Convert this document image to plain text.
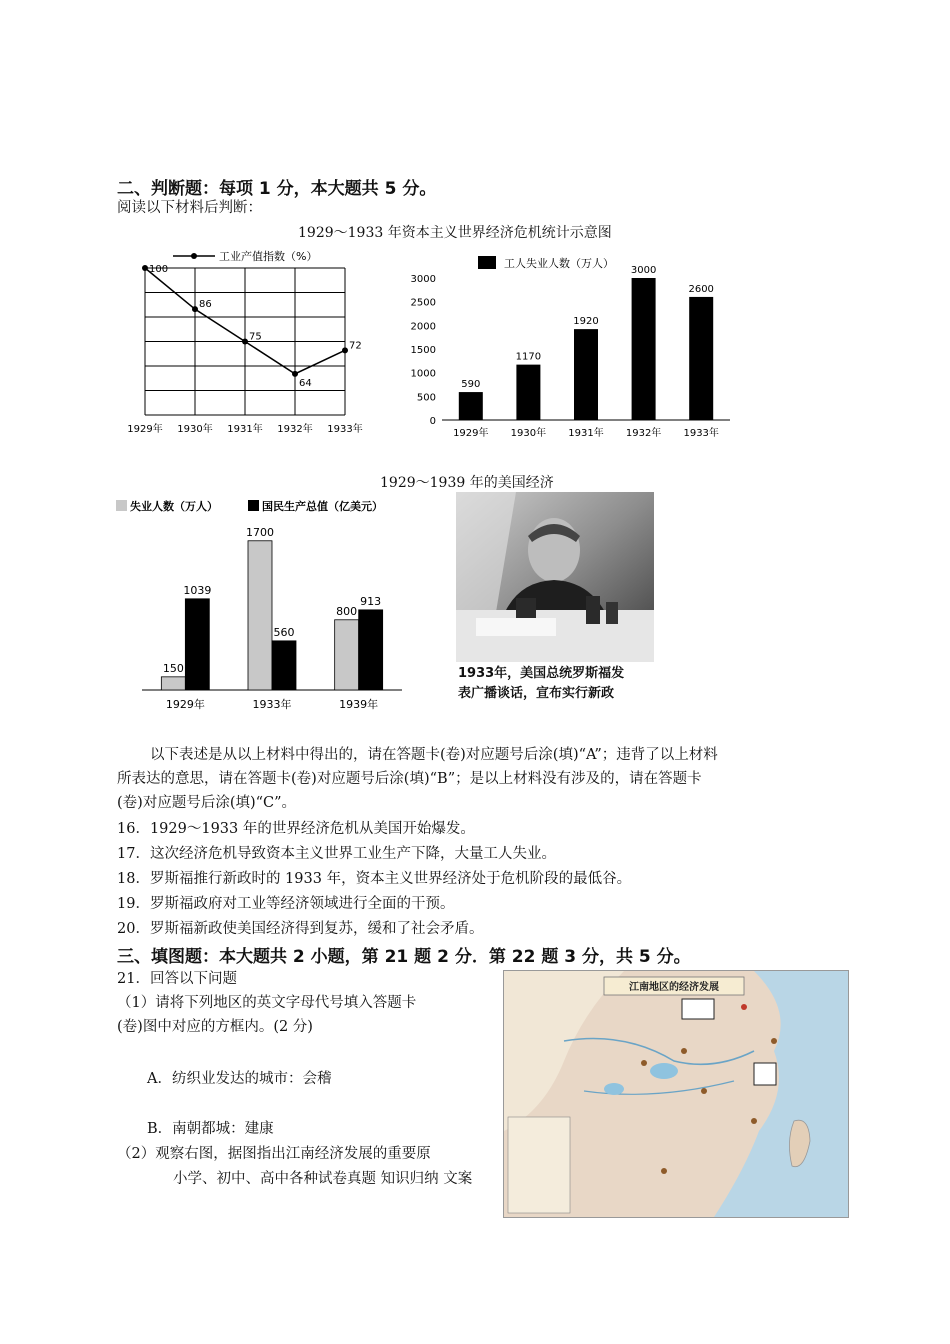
二、判断题：每项 1 分，本大题共 5 分。
阅读以下材料后判断：
1929～1933 年资本主义世界经济危机统计示意图
工业产值指数（%）
100
1929年
86
1930年
75
1931年
64
1932年
72
1933年
0
500
1000
1500
2000
2500
3000
工人失业人数（万人）
590
1929年
1170
1930年
1920
1931年
3000
1932年
2600
1933年
1929～1939 年的美国经济
失业人数（万人）	国民生产总值（亿美元）
150
1039
1929年
1700
560
1933年
800
913
1939年
1933年，美国总统罗斯福发
表广播谈话，宣布实行新政
以下表述是从以上材料中得出的，请在答题卡(卷)对应题号后涂(填)“A”；违背了以上材料
所表达的意思，请在答题卡(卷)对应题号后涂(填)“B”；是以上材料没有涉及的，请在答题卡
(卷)对应题号后涂(填)“C”。
16．1929～1933 年的世界经济危机从美国开始爆发。
17．这次经济危机导致资本主义世界工业生产下降，大量工人失业。
18．罗斯福推行新政时的 1933 年，资本主义世界经济处于危机阶段的最低谷。
19．罗斯福政府对工业等经济领域进行全面的干预。
20．罗斯福新政使美国经济得到复苏，缓和了社会矛盾。
三、填图题：本大题共 2 小题，第 21 题 2 分．第 22 题 3 分，共 5 分。
21．回答以下问题
（1）请将下列地区的英文字母代号填入答题卡
(卷)图中对应的方框内。(2 分)
A．纺织业发达的城市：会稽
B．南朝都城：建康
（2）观察右图，据图指出江南经济发展的重要原
小学、初中、高中各种试卷真题 知识归纳 文案
江南地区的经济发展
